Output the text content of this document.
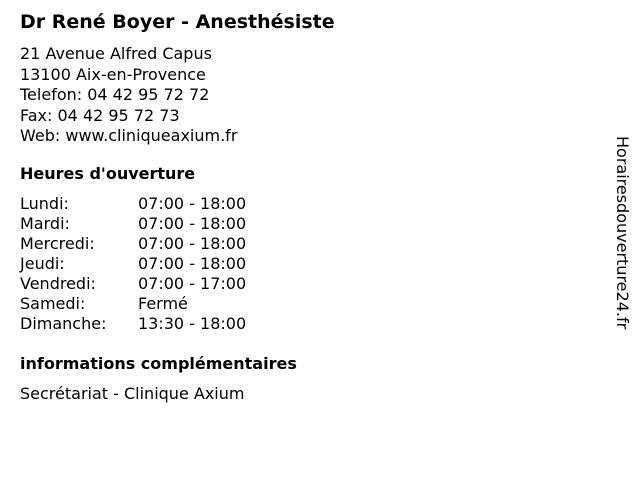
Dr René Boyer - Anesthésiste
21 Avenue Alfred Capus
13100 Aix-en-Provence
Telefon: 04 42 95 72 72
Fax: 04 42 95 72 73
Web: www.cliniqueaxium.fr
Heures d'ouverture
Lundi:	07:00 - 18:00
Mardi:	07:00 - 18:00
Mercredi:	07:00 - 18:00
Jeudi:	07:00 - 18:00
Vendredi:	07:00 - 17:00
Samedi:	Fermé
Dimanche: 13:30 - 18:00
informations complémentaires
Secrétariat - Clinique Axium
Horairesdouverture24.fr
